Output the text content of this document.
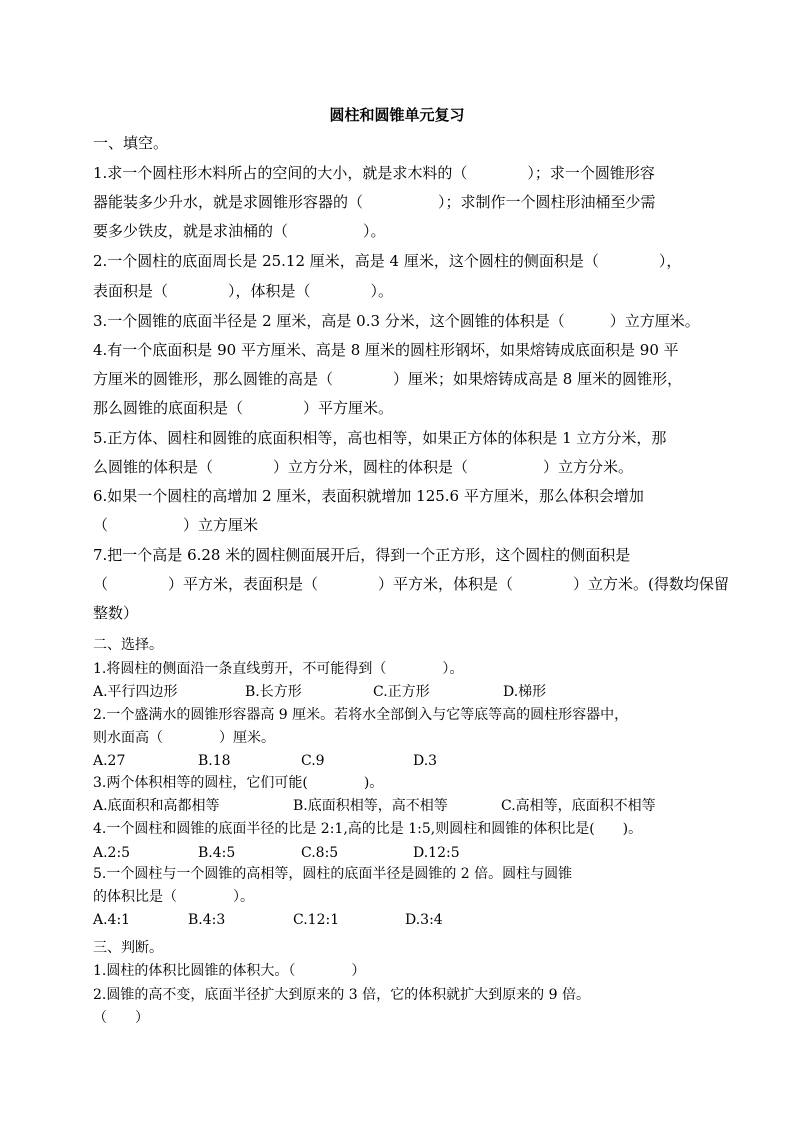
圆柱和圆锥单元复习
一、填空。
1.求一个圆柱形木料所占的空间的大小，就是求木料的（　　　　）；求一个圆锥形容
器能装多少升水，就是求圆锥形容器的（　　　　　）；求制作一个圆柱形油桶至少需
要多少铁皮，就是求油桶的（　　　　　）。
2.一个圆柱的底面周长是 25.12 厘米，高是 4 厘米，这个圆柱的侧面积是（　　　　），
表面积是（　　　　），体积是（　　　　）。
3.一个圆锥的底面半径是 2 厘米，高是 0.3 分米，这个圆锥的体积是（　　　）立方厘米。
4.有一个底面积是 90 平方厘米、高是 8 厘米的圆柱形钢坏，如果熔铸成底面积是 90 平
方厘米的圆锥形，那么圆锥的高是（　　　　）厘米；如果熔铸成高是 8 厘米的圆锥形，
那么圆锥的底面积是（　　　　）平方厘米。
5.正方体、圆柱和圆锥的底面积相等，高也相等，如果正方体的体积是 1 立方分米，那
么圆锥的体积是（　　　　）立方分米，圆柱的体积是（　　　　　）立方分米。
6.如果一个圆柱的高增加 2 厘米，表面积就增加 125.6 平方厘米，那么体积会增加
（　　　　　）立方厘米
7.把一个高是 6.28 米的圆柱侧面展开后，得到一个正方形，这个圆柱的侧面积是
（　　　　）平方米，表面积是（　　　　）平方米，体积是（　　　　）立方米。(得数均保留
整数）
二、选择。
1.将圆柱的侧面沿一条直线剪开，不可能得到（　　　　）。
A.平行四边形	B.长方形	C.正方形	D.梯形
2.一个盛满水的圆锥形容器高 9 厘米。若将水全部倒入与它等底等高的圆柱形容器中，
则水面高（　　　　）厘米。
A.27	B.18	C.9	D.3
3.两个体积相等的圆柱，它们可能(　　　　)。
A.底面积和高都相等	B.底面积相等，高不相等	C.高相等，底面积不相等
4.一个圆柱和圆锥的底面半径的比是 2:1,高的比是 1:5,则圆柱和圆锥的体积比是(　　)。
A.2:5	B.4:5	C.8:5	D.12:5
5.一个圆柱与一个圆锥的高相等，圆柱的底面半径是圆锥的 2 倍。圆柱与圆锥
的体积比是（　　　　）。
A.4:1	B.4:3	C.12:1	D.3:4
三、判断。
1.圆柱的体积比圆锥的体积大。（　　　　）
2.圆锥的高不变，底面半径扩大到原来的 3 倍，它的体积就扩大到原来的 9 倍。
（　　）
